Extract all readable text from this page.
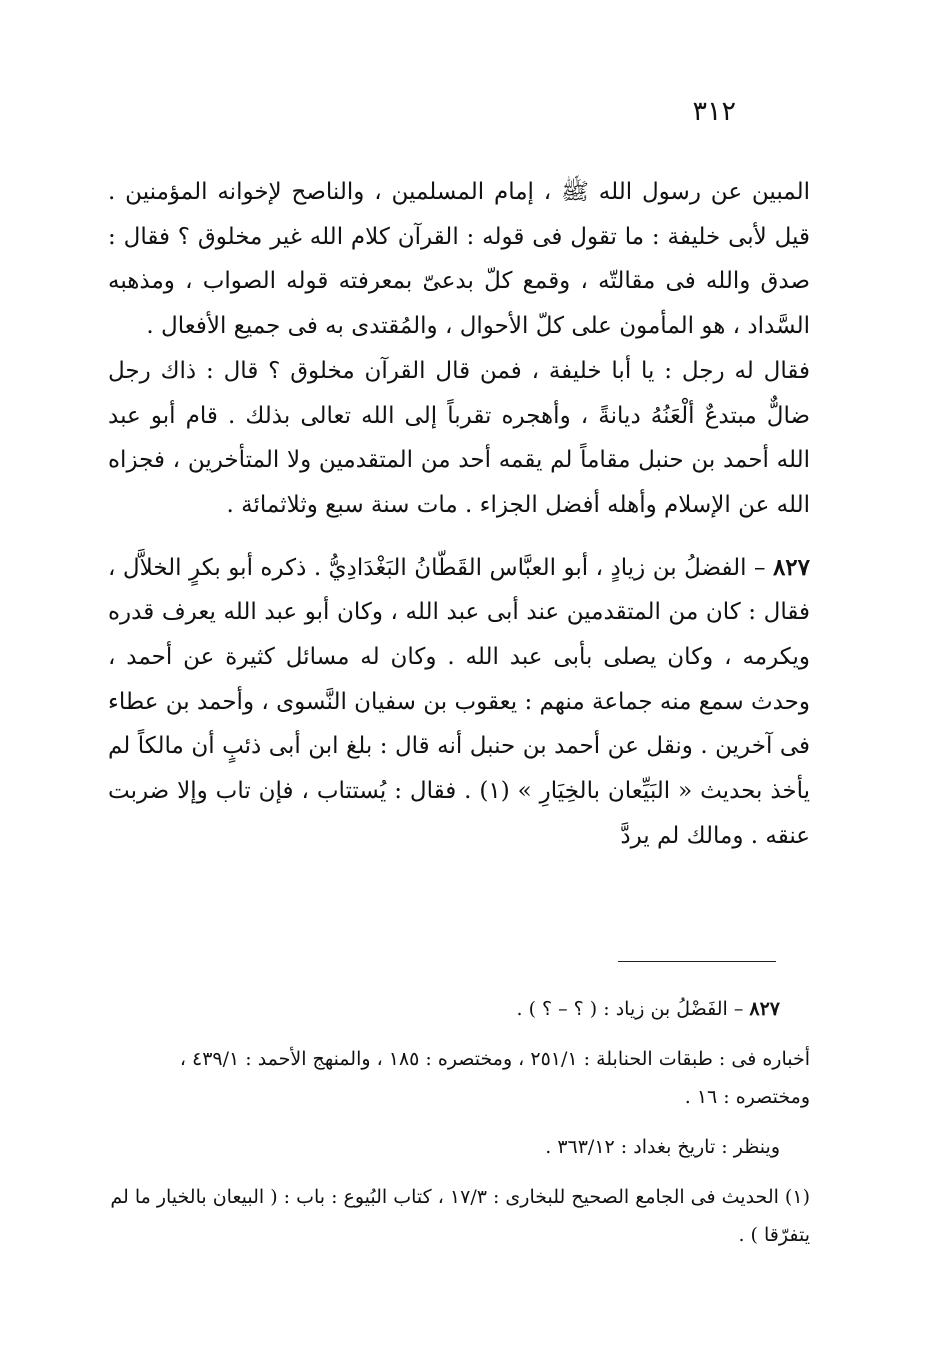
٣١٢

المبين عن رسول الله ﷺ ، إمام المسلمين ، والناصح لإخوانه المؤمنين . قيل لأبى خليفة : ما تقول فى قوله : القرآن كلام الله غير مخلوق ؟ فقال : صدق والله فى مقالتّه ، وقمع كلّ بدعىّ بمعرفته قوله الصواب ، ومذهبه السَّداد ، هو المأمون على كلّ الأحوال ، والمُقتدى به فى جميع الأفعال .

فقال له رجل : يا أبا خليفة ، فمن قال القرآن مخلوق ؟ قال : ذاك رجل ضالٌّ مبتدعٌ ألْعَنُهُ ديانةً ، وأهجره تقرباً إلى الله تعالى بذلك . قام أبو عبد الله أحمد بن حنبل مقاماً لم يقمه أحد من المتقدمين ولا المتأخرين ، فجزاه الله عن الإسلام وأهله أفضل الجزاء . مات سنة سبع وثلاثمائة .

٨٢٧ – الفضلُ بن زيادٍ ، أبو العبَّاس القَطّانُ البَغْدَادِيُّ . ذكره أبو بكرٍ الخلاَّل ، فقال : كان من المتقدمين عند أبى عبد الله ، وكان أبو عبد الله يعرف قدره ويكرمه ، وكان يصلى بأبى عبد الله . وكان له مسائل كثيرة عن أحمد ، وحدث سمع منه جماعة منهم : يعقوب بن سفيان النَّسوى ، وأحمد بن عطاء فى آخرين . ونقل عن أحمد بن حنبل أنه قال : بلغ ابن أبى ذئبٍ أن مالكاً لم يأخذ بحديث « البَيِّعان بالخِيَارِ » (١) . فقال : يُستتاب ، فإن تاب وإلا ضربت عنقه . ومالك لم يردَّ

٨٢٧ – الفَضْلُ بن زياد : ( ؟ – ؟ ) .

أخباره فى : طبقات الحنابلة : ٢٥١/١ ، ومختصره : ١٨٥ ، والمنهج الأحمد : ٤٣٩/١ ، ومختصره : ١٦ .

وينظر : تاريخ بغداد : ٣٦٣/١٢ .

(١) الحديث فى الجامع الصحيح للبخارى : ١٧/٣ ، كتاب البُيوع : باب : ( البيعان بالخيار ما لم يتفرّقا ) .
